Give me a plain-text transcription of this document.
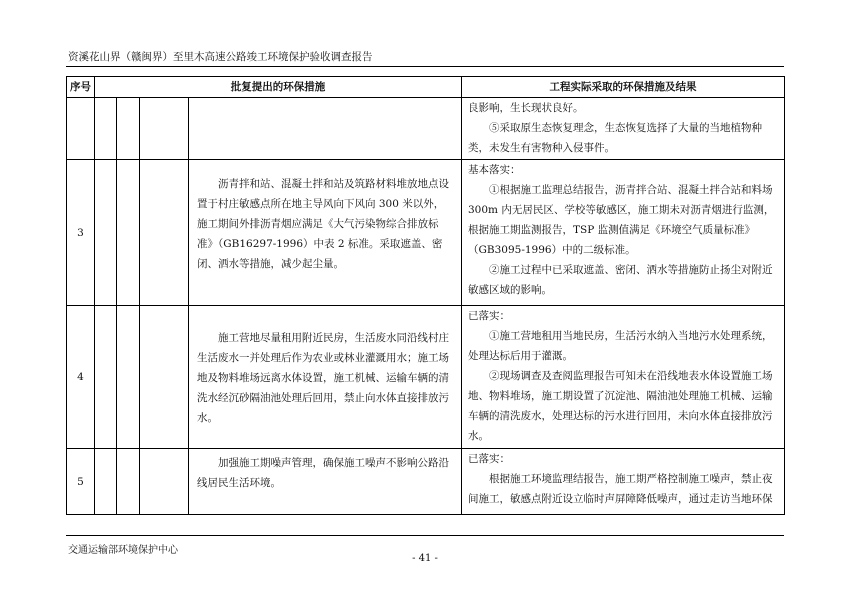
资溪花山界（赣闽界）至里木高速公路竣工环境保护验收调查报告
序号	批复提出的环保措施				工程实际采取的环保措施及结果

					良影响，生长现状良好。

⑤采取原生态恢复理念，生态恢复选择了大量的当地植物种类，未发生有害物种入侵事件。

3				沥青拌和站、混凝土拌和站及筑路材料堆放地点设置于村庄敏感点所在地主导风向下风向 300 米以外，施工期间外排沥青烟应满足《大气污染物综合排放标准》（GB16297-1996）中表 2 标准。采取遮盖、密闭、洒水等措施，减少起尘量。	基本落实：

①根据施工监理总结报告，沥青拌合站、混凝土拌合站和料场 300m 内无居民区、学校等敏感区，施工期未对沥青烟进行监测，根据施工期监测报告，TSP 监测值满足《环境空气质量标准》（GB3095-1996）中的二级标准。

②施工过程中已采取遮盖、密闭、洒水等措施防止扬尘对附近敏感区域的影响。

4				施工营地尽量租用附近民房，生活废水同沿线村庄生活废水一并处理后作为农业或林业灌溉用水；施工场地及物料堆场远离水体设置，施工机械、运输车辆的清洗水经沉砂隔油池处理后回用，禁止向水体直接排放污水。	已落实：

①施工营地租用当地民房，生活污水纳入当地污水处理系统，处理达标后用于灌溉。

②现场调查及查阅监理报告可知未在沿线地表水体设置施工场地、物料堆场，施工期设置了沉淀池、隔油池处理施工机械、运输车辆的清洗废水，处理达标的污水进行回用，未向水体直接排放污水。

5				加强施工期噪声管理，确保施工噪声不影响公路沿线居民生活环境。	已落实：

根据施工环境监理结报告，施工期严格控制施工噪声，禁止夜间施工，敏感点附近设立临时声屏障降低噪声，通过走访当地环保

交通运输部环境保护中心
- 41 -
